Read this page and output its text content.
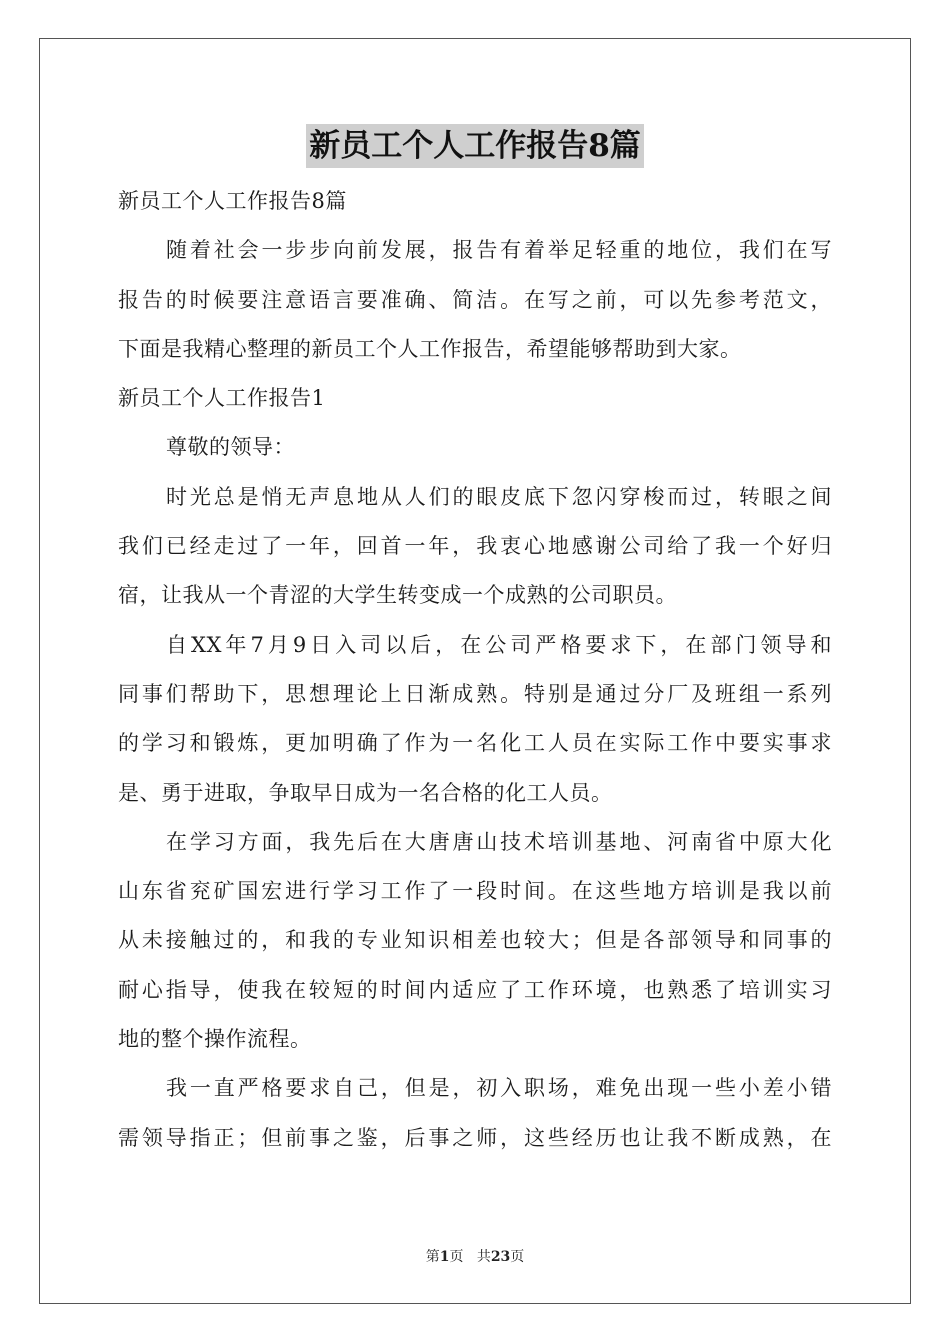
新员工个人工作报告8篇
新员工个人工作报告8篇
随着社会一步步向前发展，报告有着举足轻重的地位，我们在写
报告的时候要注意语言要准确、简洁。在写之前，可以先参考范文，
下面是我精心整理的新员工个人工作报告，希望能够帮助到大家。
新员工个人工作报告1
尊敬的领导：
时光总是悄无声息地从人们的眼皮底下忽闪穿梭而过，转眼之间
我们已经走过了一年，回首一年，我衷心地感谢公司给了我一个好归
宿，让我从一个青涩的大学生转变成一个成熟的公司职员。
自XX年7月9日入司以后，在公司严格要求下，在部门领导和
同事们帮助下，思想理论上日渐成熟。特别是通过分厂及班组一系列
的学习和锻炼，更加明确了作为一名化工人员在实际工作中要实事求
是、勇于进取，争取早日成为一名合格的化工人员。
在学习方面，我先后在大唐唐山技术培训基地、河南省中原大化
山东省兖矿国宏进行学习工作了一段时间。在这些地方培训是我以前
从未接触过的，和我的专业知识相差也较大；但是各部领导和同事的
耐心指导，使我在较短的时间内适应了工作环境，也熟悉了培训实习
地的整个操作流程。
我一直严格要求自己，但是，初入职场，难免出现一些小差小错
需领导指正；但前事之鉴，后事之师，这些经历也让我不断成熟，在
第1页 共23页
